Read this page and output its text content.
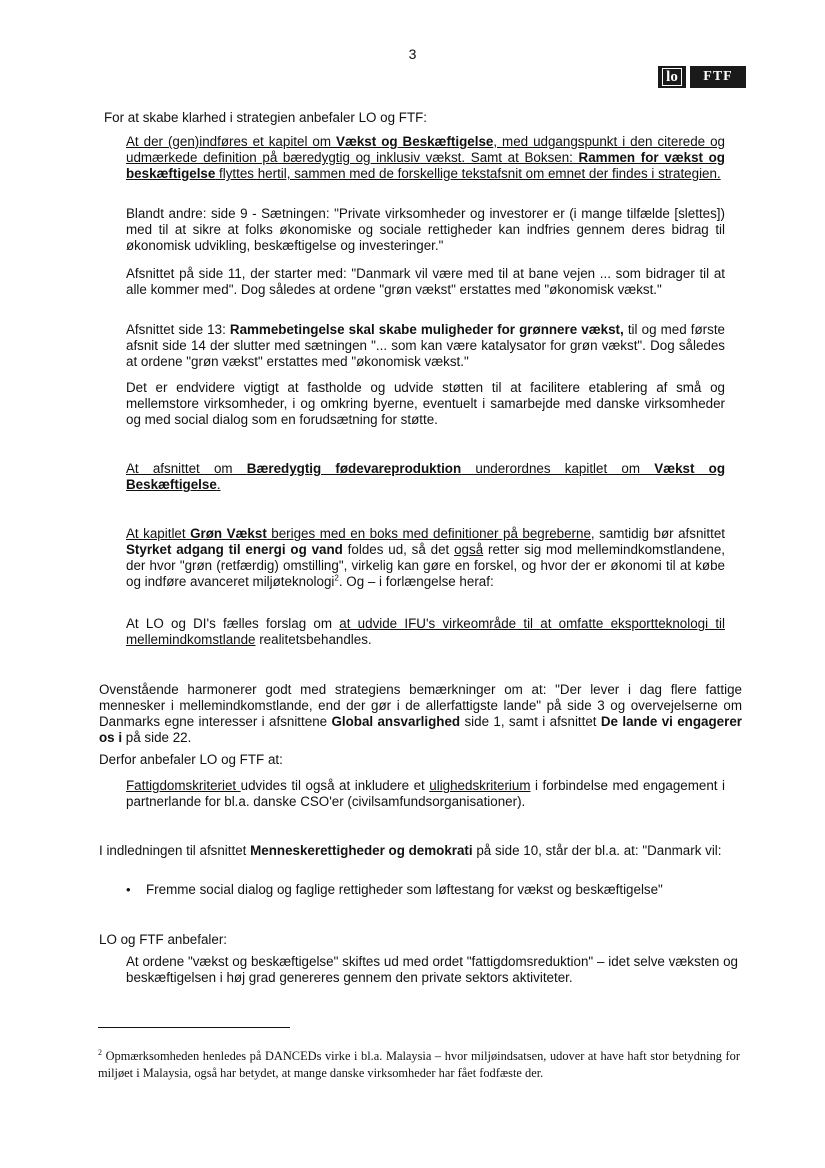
3
lo	FTF

For at skabe klarhed i strategien anbefaler LO og FTF:

At der (gen)indføres et kapitel om Vækst og Beskæftigelse, med udgangspunkt i den citerede og udmærkede definition på bæredygtig og inklusiv vækst. Samt at Boksen: Rammen for vækst og beskæftigelse flyttes hertil, sammen med de forskellige tekstafsnit om emnet der findes i strategien.

Blandt andre: side 9 - Sætningen: "Private virksomheder og investorer er (i mange tilfælde [slettes]) med til at sikre at folks økonomiske og sociale rettigheder kan indfries gennem deres bidrag til økonomisk udvikling, beskæftigelse og investeringer."

Afsnittet på side 11, der starter med: "Danmark vil være med til at bane vejen ... som bidrager til at alle kommer med". Dog således at ordene "grøn vækst" erstattes med "økonomisk vækst."

Afsnittet side 13: Rammebetingelse skal skabe muligheder for grønnere vækst, til og med første afsnit side 14 der slutter med sætningen "... som kan være katalysator for grøn vækst". Dog således at ordene "grøn vækst" erstattes med "økonomisk vækst."

Det er endvidere vigtigt at fastholde og udvide støtten til at facilitere etablering af små og mellemstore virksomheder, i og omkring byerne, eventuelt i samarbejde med danske virksomheder og med social dialog som en forudsætning for støtte.

At afsnittet om Bæredygtig fødevareproduktion underordnes kapitlet om Vækst og Beskæftigelse.

At kapitlet Grøn Vækst beriges med en boks med definitioner på begreberne, samtidig bør afsnittet Styrket adgang til energi og vand foldes ud, så det også retter sig mod mellemindkomstlandene, der hvor "grøn (retfærdig) omstilling", virkelig kan gøre en forskel, og hvor der er økonomi til at købe og indføre avanceret miljøteknologi$^2$. Og – i forlængelse heraf:

At LO og DI's fælles forslag om at udvide IFU's virkeområde til at omfatte eksportteknologi til mellemindkomstlande realitetsbehandles.

Ovenstående harmonerer godt med strategiens bemærkninger om at: "Der lever i dag flere fattige mennesker i mellemindkomstlande, end der gør i de allerfattigste lande" på side 3 og overvejelserne om Danmarks egne interesser i afsnittene Global ansvarlighed side 1, samt i afsnittet De lande vi engagerer os i på side 22.

Derfor anbefaler LO og FTF at:

Fattigdomskriteriet udvides til også at inkludere et ulighedskriterium i forbindelse med engagement i partnerlande for bl.a. danske CSO'er (civilsamfundsorganisationer).

I indledningen til afsnittet Menneskerettigheder og demokrati på side 10, står der bl.a. at: "Danmark vil:

• Fremme social dialog og faglige rettigheder som løftestang for vækst og beskæftigelse"

LO og FTF anbefaler:

At ordene "vækst og beskæftigelse" skiftes ud med ordet "fattigdomsreduktion" – idet selve væksten og beskæftigelsen i høj grad genereres gennem den private sektors aktiviteter.

$^2$ Opmærksomheden henledes på DANCEDs virke i bl.a. Malaysia – hvor miljøindsatsen, udover at have haft stor betydning for miljøet i Malaysia, også har betydet, at mange danske virksomheder har fået fodfæste der.
